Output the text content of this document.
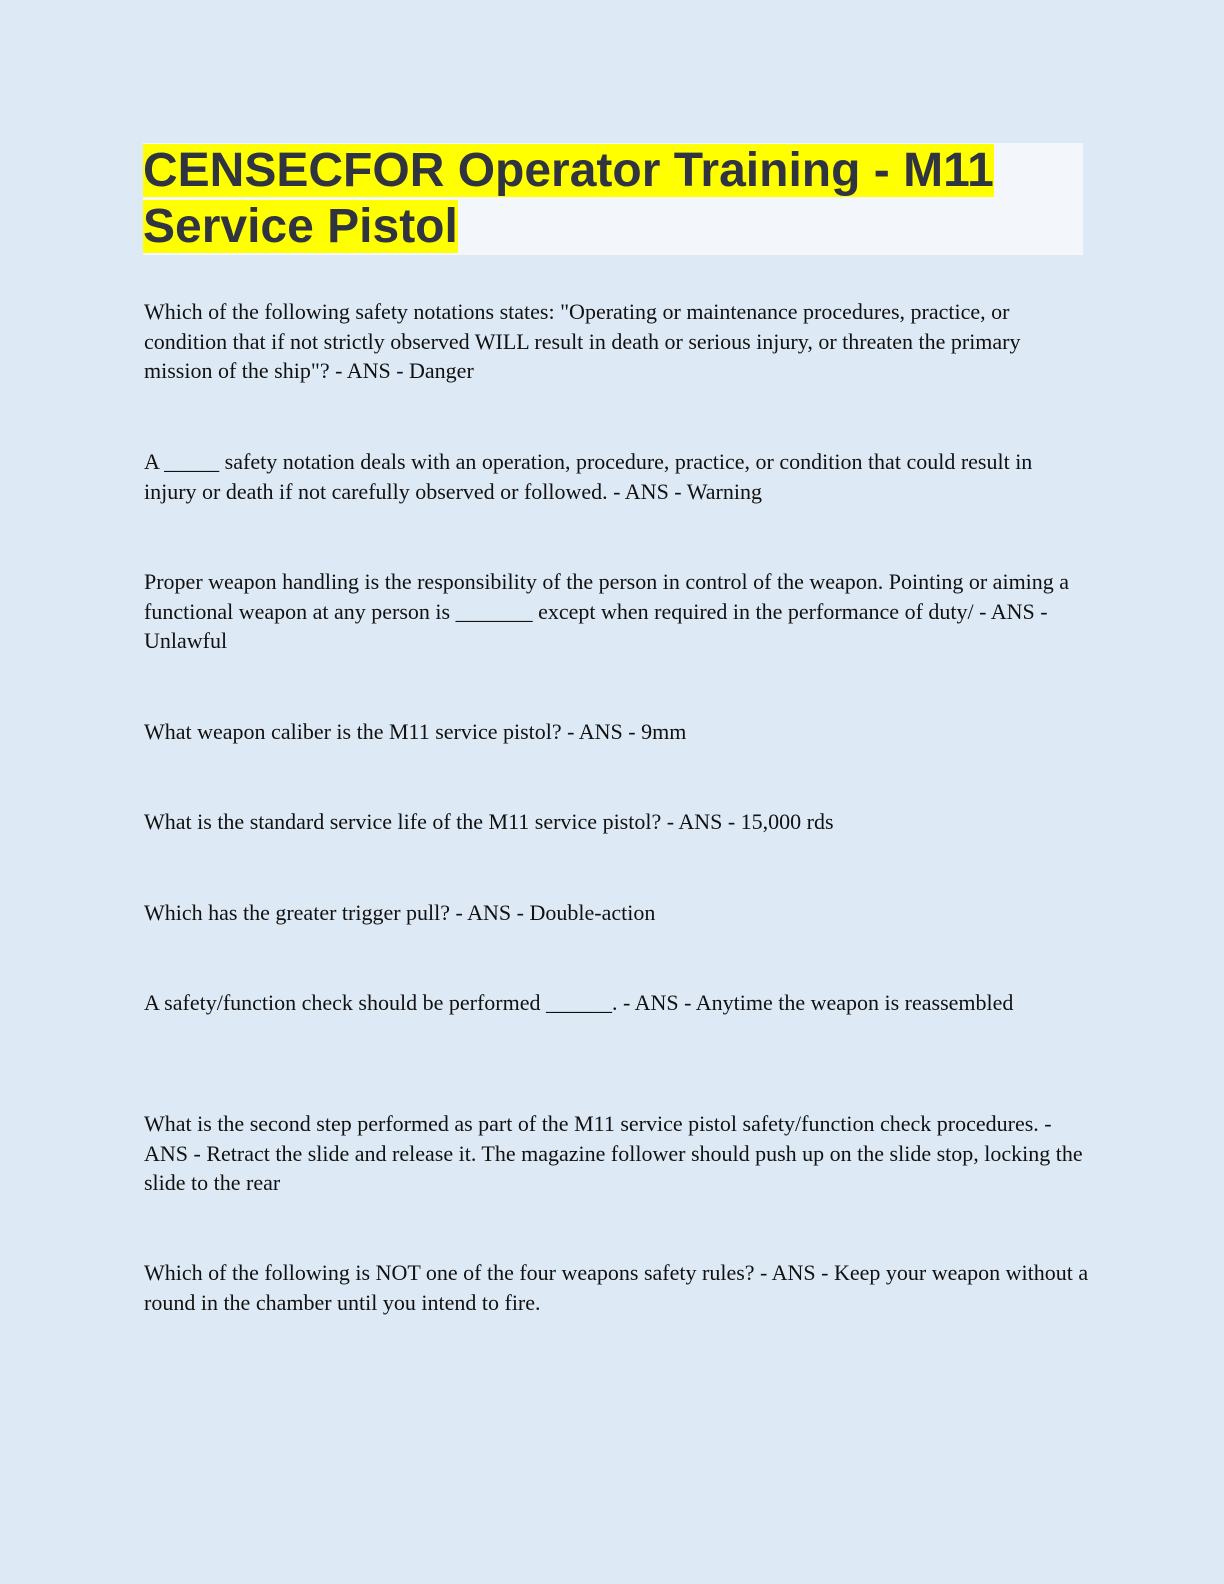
CENSECFOR Operator Training - M11 Service Pistol

Which of the following safety notations states: "Operating or maintenance procedures, practice, or condition that if not strictly observed WILL result in death or serious injury, or threaten the primary mission of the ship"? - ANS - Danger

A _____ safety notation deals with an operation, procedure, practice, or condition that could result in injury or death if not carefully observed or followed. - ANS - Warning

Proper weapon handling is the responsibility of the person in control of the weapon. Pointing or aiming a functional weapon at any person is _______ except when required in the performance of duty/ - ANS - Unlawful

What weapon caliber is the M11 service pistol? - ANS - 9mm

What is the standard service life of the M11 service pistol? - ANS - 15,000 rds

Which has the greater trigger pull? - ANS - Double-action

A safety/function check should be performed ______. - ANS - Anytime the weapon is reassembled

What is the second step performed as part of the M11 service pistol safety/function check procedures. - ANS - Retract the slide and release it. The magazine follower should push up on the slide stop, locking the slide to the rear

Which of the following is NOT one of the four weapons safety rules? - ANS - Keep your weapon without a round in the chamber until you intend to fire.
